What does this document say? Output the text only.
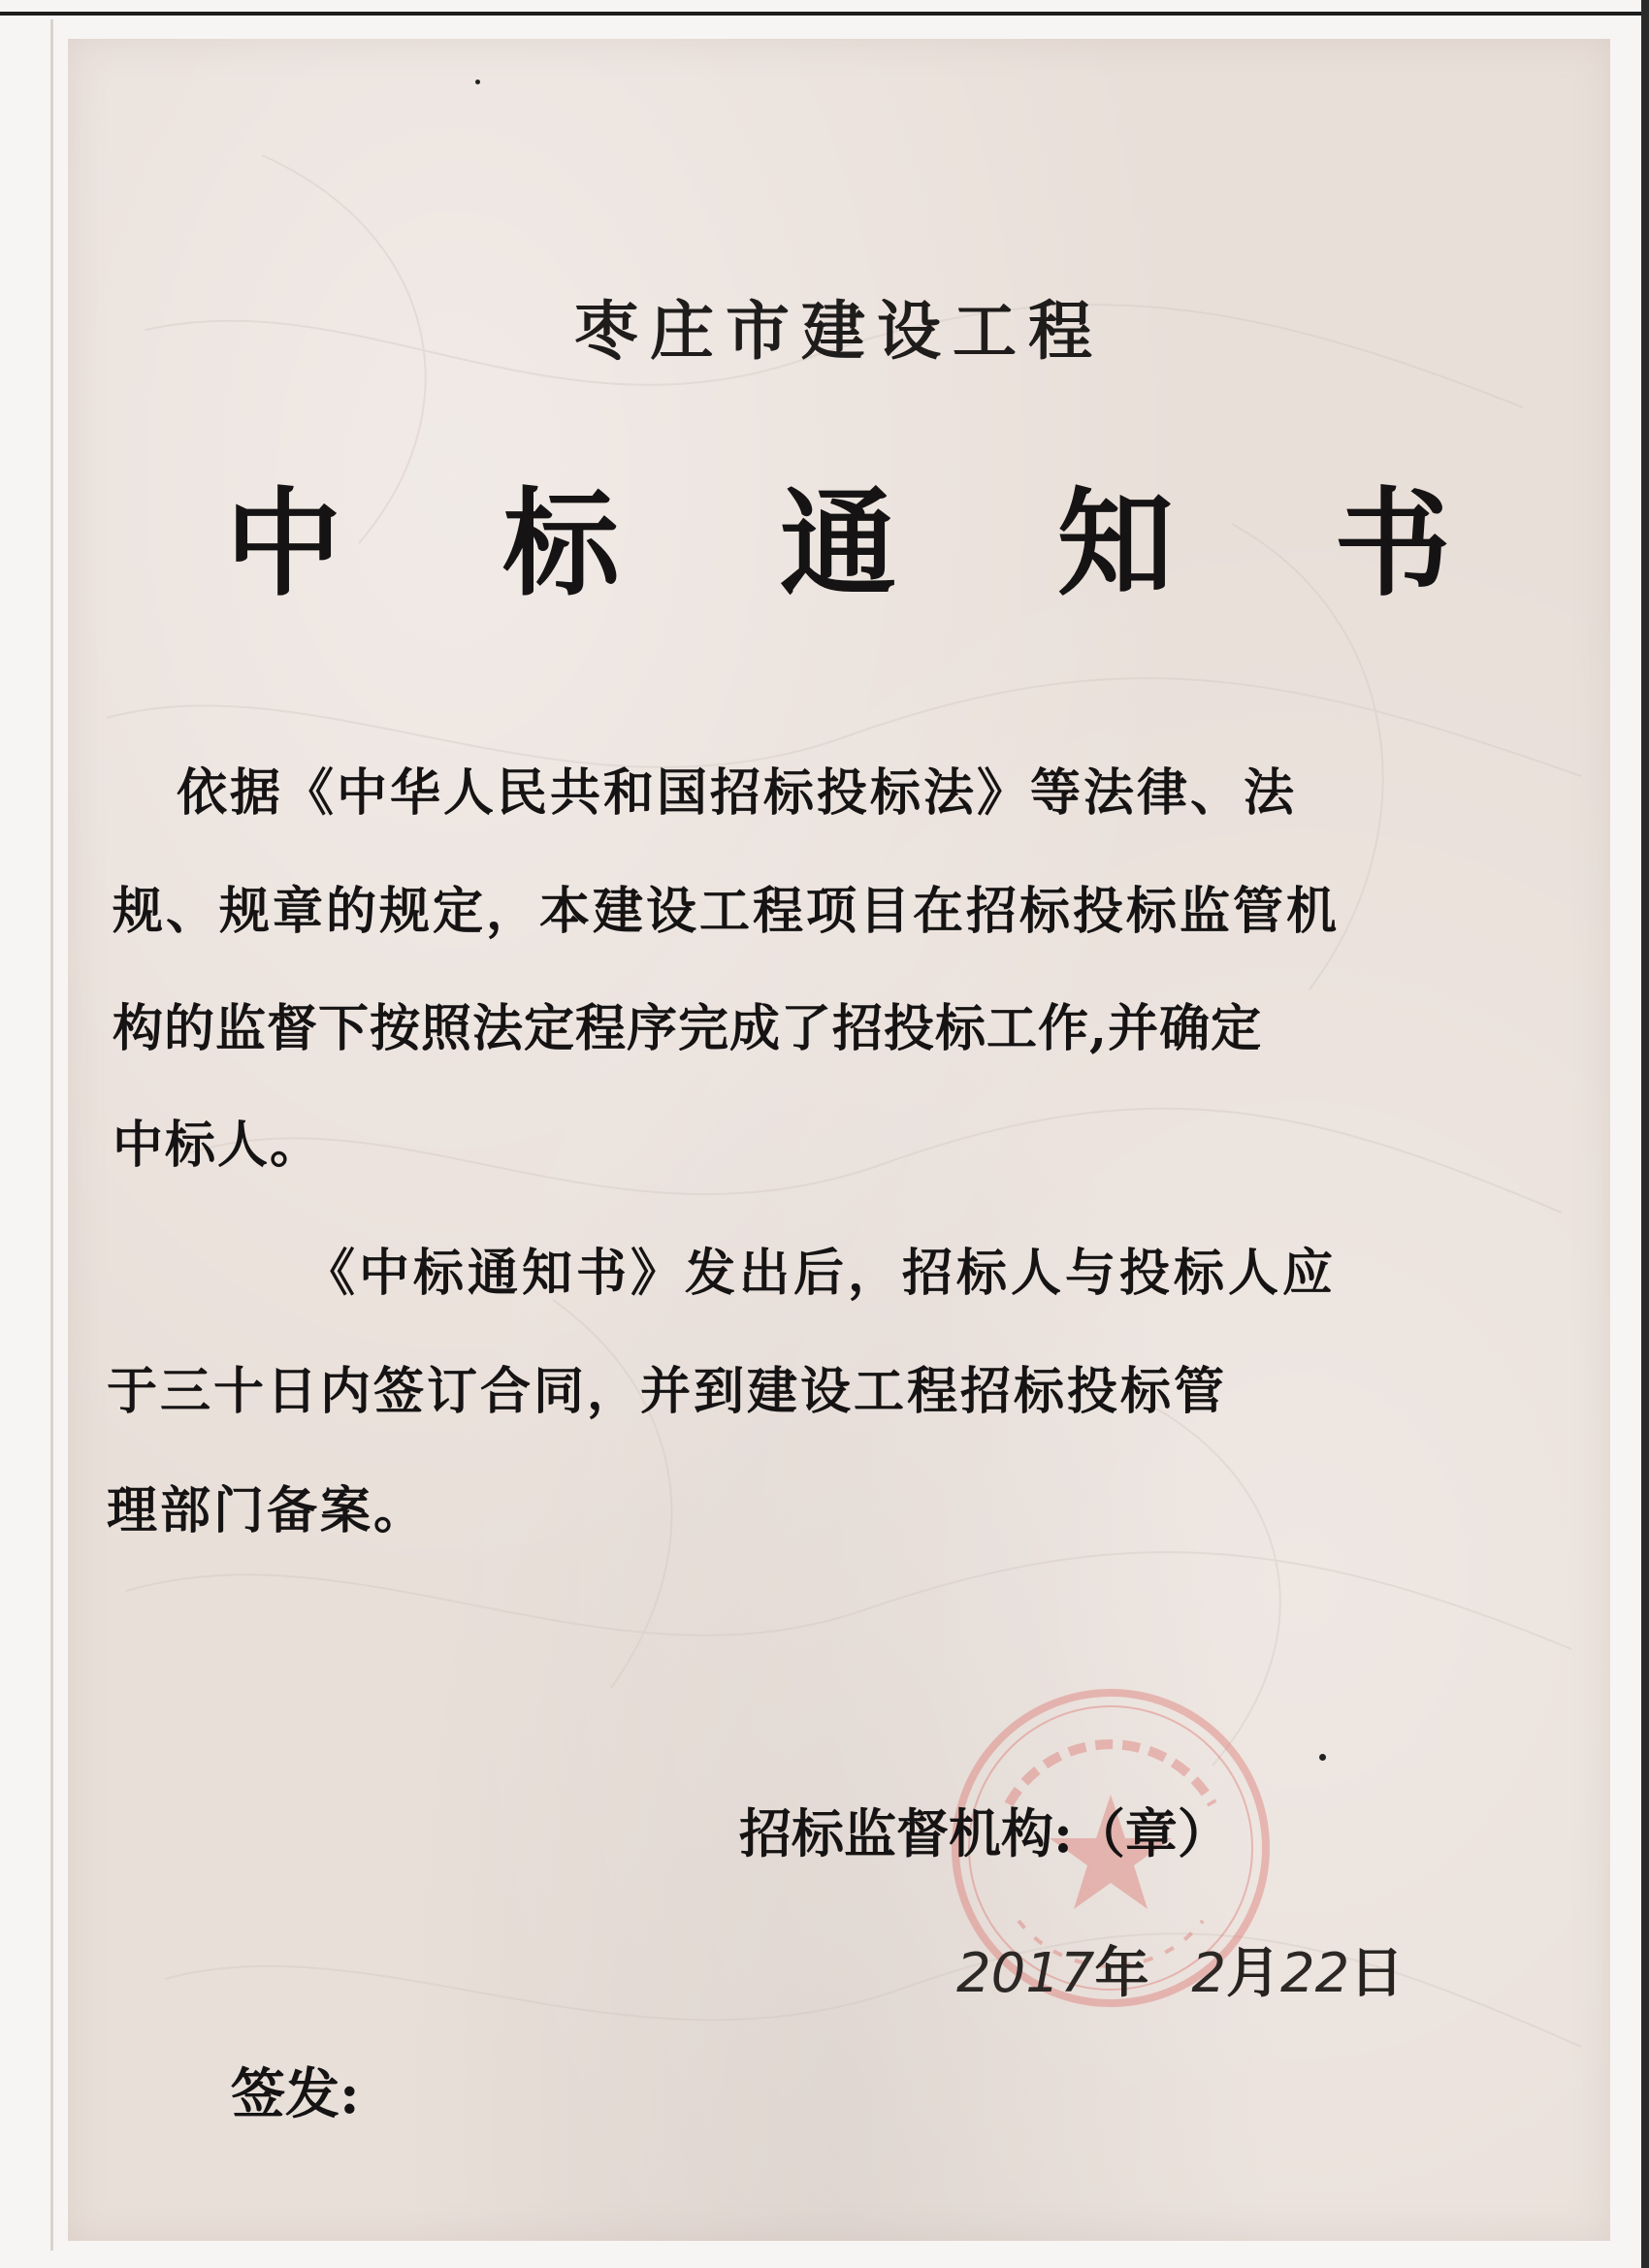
枣庄市建设工程
中 标 通 知 书

依据《中华人民共和国招标投标法》等法律、法

规、规章的规定，本建设工程项目在招标投标监管机

构的监督下按照法定程序完成了招投标工作,并确定

中标人。

《中标通知书》发出后，招标人与投标人应

于三十日内签订合同，并到建设工程招标投标管

理部门备案。

招标监督机构:（章）

2017年 2月22日

签发:
